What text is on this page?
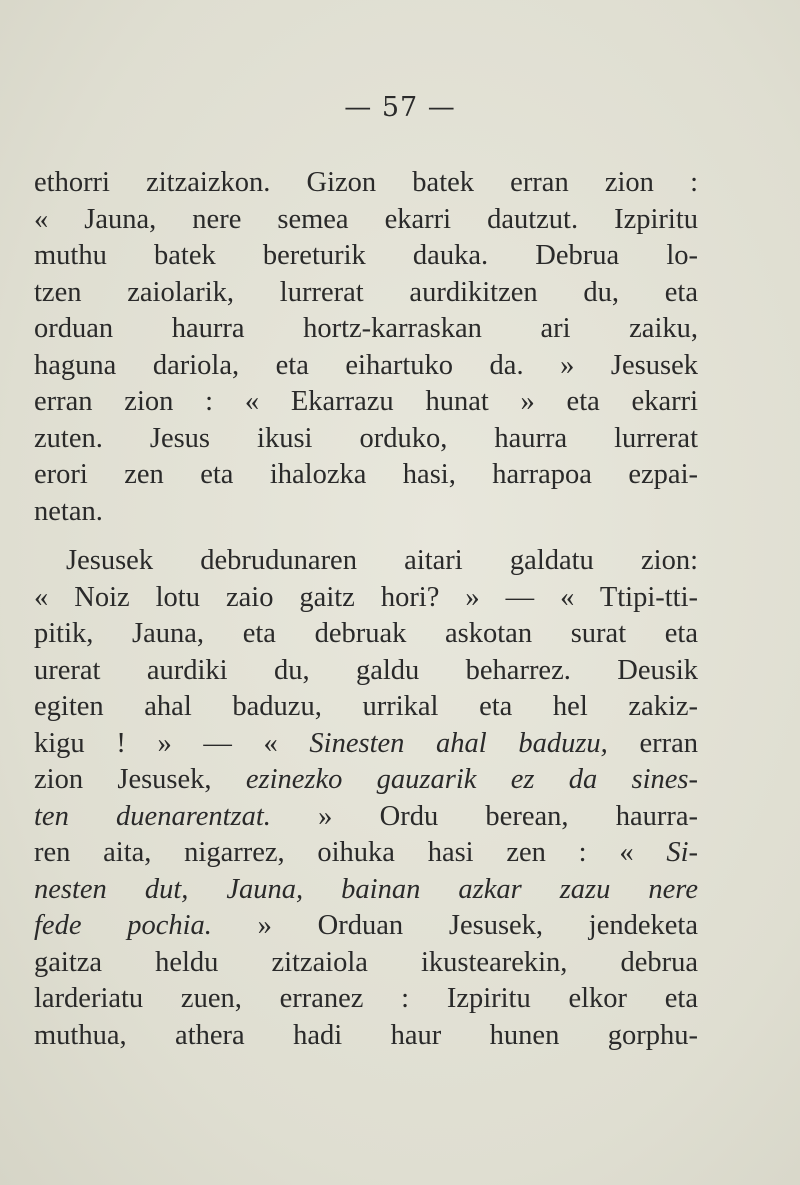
— 57 —
ethorri zitzaizkon. Gizon batek erran zion :
« Jauna, nere semea ekarri dautzut. Izpiritu
muthu batek bereturik dauka. Debrua lo-
tzen zaiolarik, lurrerat aurdikitzen du, eta
orduan haurra hortz-karraskan ari zaiku,
haguna dariola, eta eihartuko da. » Jesusek
erran zion : « Ekarrazu hunat » eta ekarri
zuten. Jesus ikusi orduko, haurra lurrerat
erori zen eta ihalozka hasi, harrapoa ezpai-
netan.
Jesusek debrudunaren aitari galdatu zion:
« Noiz lotu zaio gaitz hori? » — « Ttipi-tti-
pitik, Jauna, eta debruak askotan surat eta
urerat aurdiki du, galdu beharrez. Deusik
egiten ahal baduzu, urrikal eta hel zakiz-
kigu ! » — « Sinesten ahal baduzu, erran
zion Jesusek, ezinezko gauzarik ez da sines-
ten duenarentzat. » Ordu berean, haurra-
ren aita, nigarrez, oihuka hasi zen : « Si-
nesten dut, Jauna, bainan azkar zazu nere
fede pochia. » Orduan Jesusek, jendeketa
gaitza heldu zitzaiola ikustearekin, debrua
larderiatu zuen, erranez : Izpiritu elkor eta
muthua, athera hadi haur hunen gorphu-
